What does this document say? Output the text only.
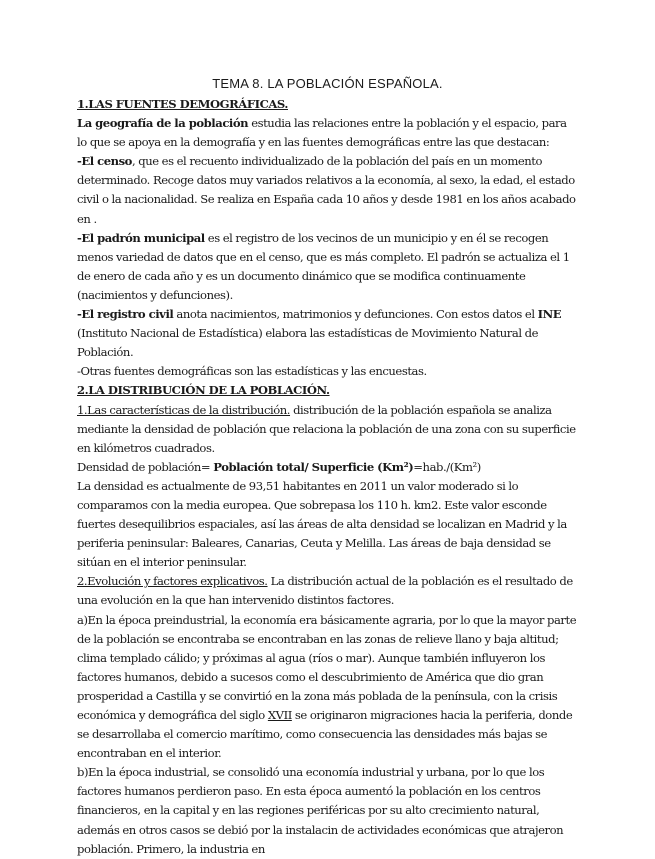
TEMA 8. LA POBLACIÓN ESPAÑOLA.

1.LAS FUENTES DEMOGRÁFICAS.

La geografía de la población estudia las relaciones entre la población y el espacio, para lo que se apoya en la demografía y en las fuentes demográficas entre las que destacan:

-El censo, que es el recuento individualizado de la población del país en un momento determinado. Recoge datos muy variados relativos a la economía, al sexo, la edad, el estado civil o la nacionalidad. Se realiza en España cada 10 años y desde 1981 en los años acabado en .

-El padrón municipal es el registro de los vecinos de un municipio y en él se recogen menos variedad de datos que en el censo, que es más completo. El padrón se actualiza el 1 de enero de cada año y es un documento dinámico que se modifica continuamente (nacimientos y defunciones).

-El registro civil anota nacimientos, matrimonios y defunciones. Con estos datos el INE (Instituto Nacional de Estadística) elabora las estadísticas de Movimiento Natural de Población.

-Otras fuentes demográficas son las estadísticas y las encuestas.

2.LA DISTRIBUCIÓN DE LA POBLACIÓN.

1.Las características de la distribución. distribución de la población española se analiza mediante la densidad de población que relaciona la población de una zona con su superficie en kilómetros cuadrados.

Densidad de población= Población total/ Superficie (Km²)=hab./(Km²)

La densidad es actualmente de 93,51 habitantes en 2011 un valor moderado si lo comparamos con la media europea. Que sobrepasa los 110 h. km2. Este valor esconde fuertes desequilibrios espaciales, así las áreas de alta densidad se localizan en Madrid y la periferia peninsular: Baleares, Canarias, Ceuta y Melilla. Las áreas de baja densidad se sitúan en el interior peninsular.

2.Evolución y factores explicativos. La distribución actual de la población es el resultado de una evolución en la que han intervenido distintos factores.

a)En la época preindustrial, la economía era básicamente agraria, por lo que la mayor parte de la población se encontraba se encontraban en las zonas de relieve llano y baja altitud; clima templado cálido; y próximas al agua (ríos o mar). Aunque también influyeron los factores humanos, debido a sucesos como el descubrimiento de América que dio gran prosperidad a Castilla y se convirtió en la zona más poblada de la península, con la crisis económica y demográfica del siglo XVII se originaron migraciones hacia la periferia, donde se desarrollaba el comercio marítimo, como consecuencia las densidades más bajas se encontraban en el interior.

b)En la época industrial, se consolidó una economía industrial y urbana, por lo que los factores humanos perdieron paso. En esta época aumentó la población en los centros financieros, en la capital y en las regiones periféricas por su alto crecimiento natural, además en otros casos se debió por la instalacin de actividades económicas que atrajeron población. Primero, la industria en
